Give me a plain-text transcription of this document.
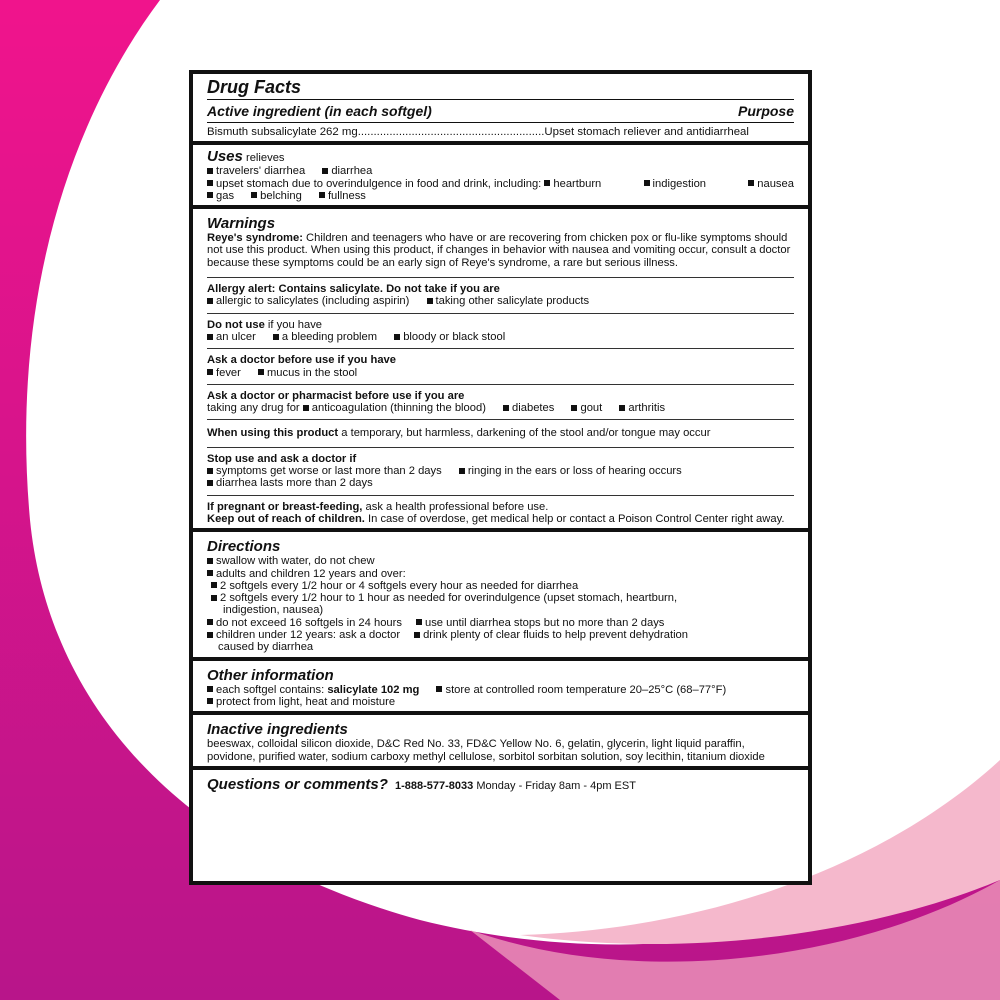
Drug Facts
Active ingredient (in each softgel)	Purpose
Bismuth subsalicylate 262 mg...........................................................Upset stomach reliever and antidiarrheal
Uses relieves
travelers' diarrhea diarrhea
upset stomach due to overindulgence in food and drink, including: heartburn	indigestion	nausea
gas belching fullness
Warnings
Reye's syndrome: Children and teenagers who have or are recovering from chicken pox or flu-like symptoms should not use this product. When using this product, if changes in behavior with nausea and vomiting occur, consult a doctor because these symptoms could be an early sign of Reye's syndrome, a rare but serious illness.
Allergy alert: Contains salicylate. Do not take if you are
allergic to salicylates (including aspirin) taking other salicylate products
Do not use if you have
an ulcer a bleeding problem bloody or black stool
Ask a doctor before use if you have
fever mucus in the stool
Ask a doctor or pharmacist before use if you are
taking any drug for anticoagulation (thinning the blood) diabetes gout arthritis
When using this product a temporary, but harmless, darkening of the stool and/or tongue may occur
Stop use and ask a doctor if
symptoms get worse or last more than 2 days ringing in the ears or loss of hearing occurs
diarrhea lasts more than 2 days
If pregnant or breast-feeding, ask a health professional before use.
Keep out of reach of children. In case of overdose, get medical help or contact a Poison Control Center right away.
Directions
swallow with water, do not chew
adults and children 12 years and over:
2 softgels every 1/2 hour or 4 softgels every hour as needed for diarrhea
2 softgels every 1/2 hour to 1 hour as needed for overindulgence (upset stomach, heartburn,
indigestion, nausea)
do not exceed 16 softgels in 24 hours use until diarrhea stops but no more than 2 days
children under 12 years: ask a doctor drink plenty of clear fluids to help prevent dehydration
caused by diarrhea
Other information
each softgel contains: salicylate 102 mg store at controlled room temperature 20–25°C (68–77°F)
protect from light, heat and moisture
Inactive ingredients
beeswax, colloidal silicon dioxide, D&C Red No. 33, FD&C Yellow No. 6, gelatin, glycerin, light liquid paraffin, povidone, purified water, sodium carboxy methyl cellulose, sorbitol sorbitan solution, soy lecithin, titanium dioxide
Questions or comments? 1-888-577-8033 Monday - Friday 8am - 4pm EST
